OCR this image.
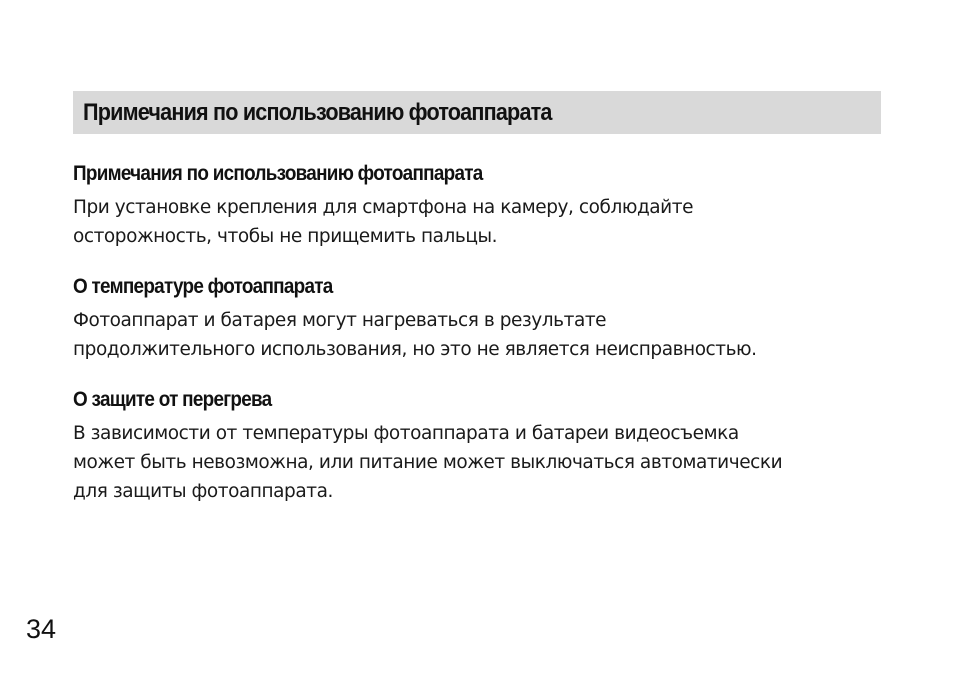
Примечания по использованию фотоаппарата
Примечания по использованию фотоаппарата

При установке крепления для смартфона на камеру, соблюдайте
осторожность, чтобы не прищемить пальцы.

О температуре фотоаппарата

Фотоаппарат и батарея могут нагреваться в результате
продолжительного использования, но это не является неисправностью.

О защите от перегрева

В зависимости от температуры фотоаппарата и батареи видеосъемка
может быть невозможна, или питание может выключаться автоматически
для защиты фотоаппарата.

34
